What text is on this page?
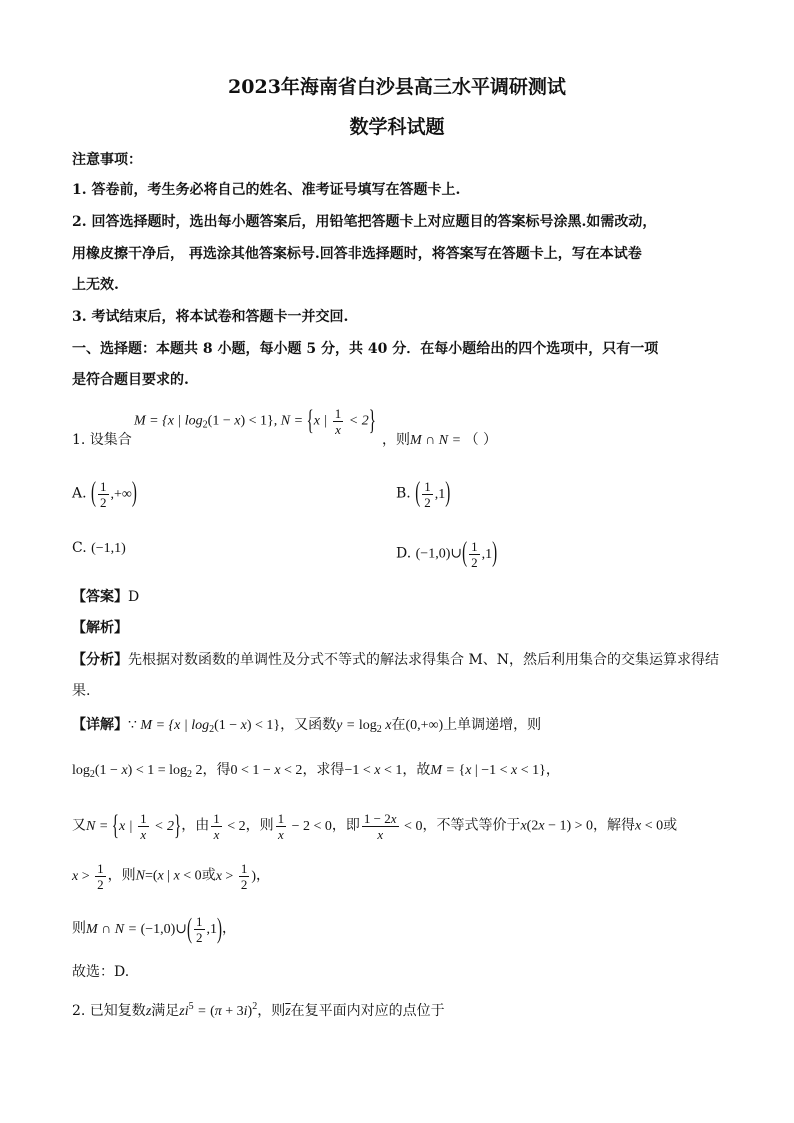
2023年海南省白沙县高三水平调研测试
数学科试题
注意事项：
1. 答卷前，考生务必将自己的姓名、准考证号填写在答题卡上.
2. 回答选择题时，选出每小题答案后，用铅笔把答题卡上对应题目的答案标号涂黑.如需改动，
用橡皮擦干净后， 再选涂其他答案标号.回答非选择题时，将答案写在答题卡上，写在本试卷
上无效.
3. 考试结束后，将本试卷和答题卡一并交回.
一、选择题：本题共 8 小题，每小题 5 分，共 40 分．在每小题给出的四个选项中，只有一项
是符合题目要求的.
1. 设集合
M = {x | $\log_2(1 - x) < 1$}, N = {x | $\frac{1}{x} < 2$}
，则M ∩ N = （ ）
A. ( $\frac{1}{2}$ ,+∞)	B. ( $\frac{1}{2} ,1$)
C. (−1,1)	D. (−1,0)∪( $\frac{1}{2} ,1$)
【答案】D
【解析】
【分析】先根据对数函数的单调性及分式不等式的解法求得集合 M、N，然后利用集合的交集运算求得结
果.
【详解】∵ M = {x | $\log_2(1 - x) < 1$}，又函数$y = \log_2 x$在(0,+∞)上单调递增，则
$\log_2(1 - x) < 1 = \log_2 2$，得0 < 1 − x < 2，求得−1 < x < 1，故M = {x | −1 < x < 1}，
又N = {x | $\frac{1}{x} < 2$}，由 $\frac{1}{x} < 2$，则 $\frac{1}{x} - 2 < 0$，即 $\frac{1 - 2x}{x} < 0$，不等式等价于x(2x − 1) > 0，解得x < 0或
$x > \frac{1}{2}$ ，则N=(x | x < 0或$x > \frac{1}{2}$ )，
则M ∩ N = (−1,0)∪( $\frac{1}{2} ,1$)，
故选：D.
2. 已知复数z满足$zi^5 = (\pi + 3i)^2$，则$\overline{z}$在复平面内对应的点位于
